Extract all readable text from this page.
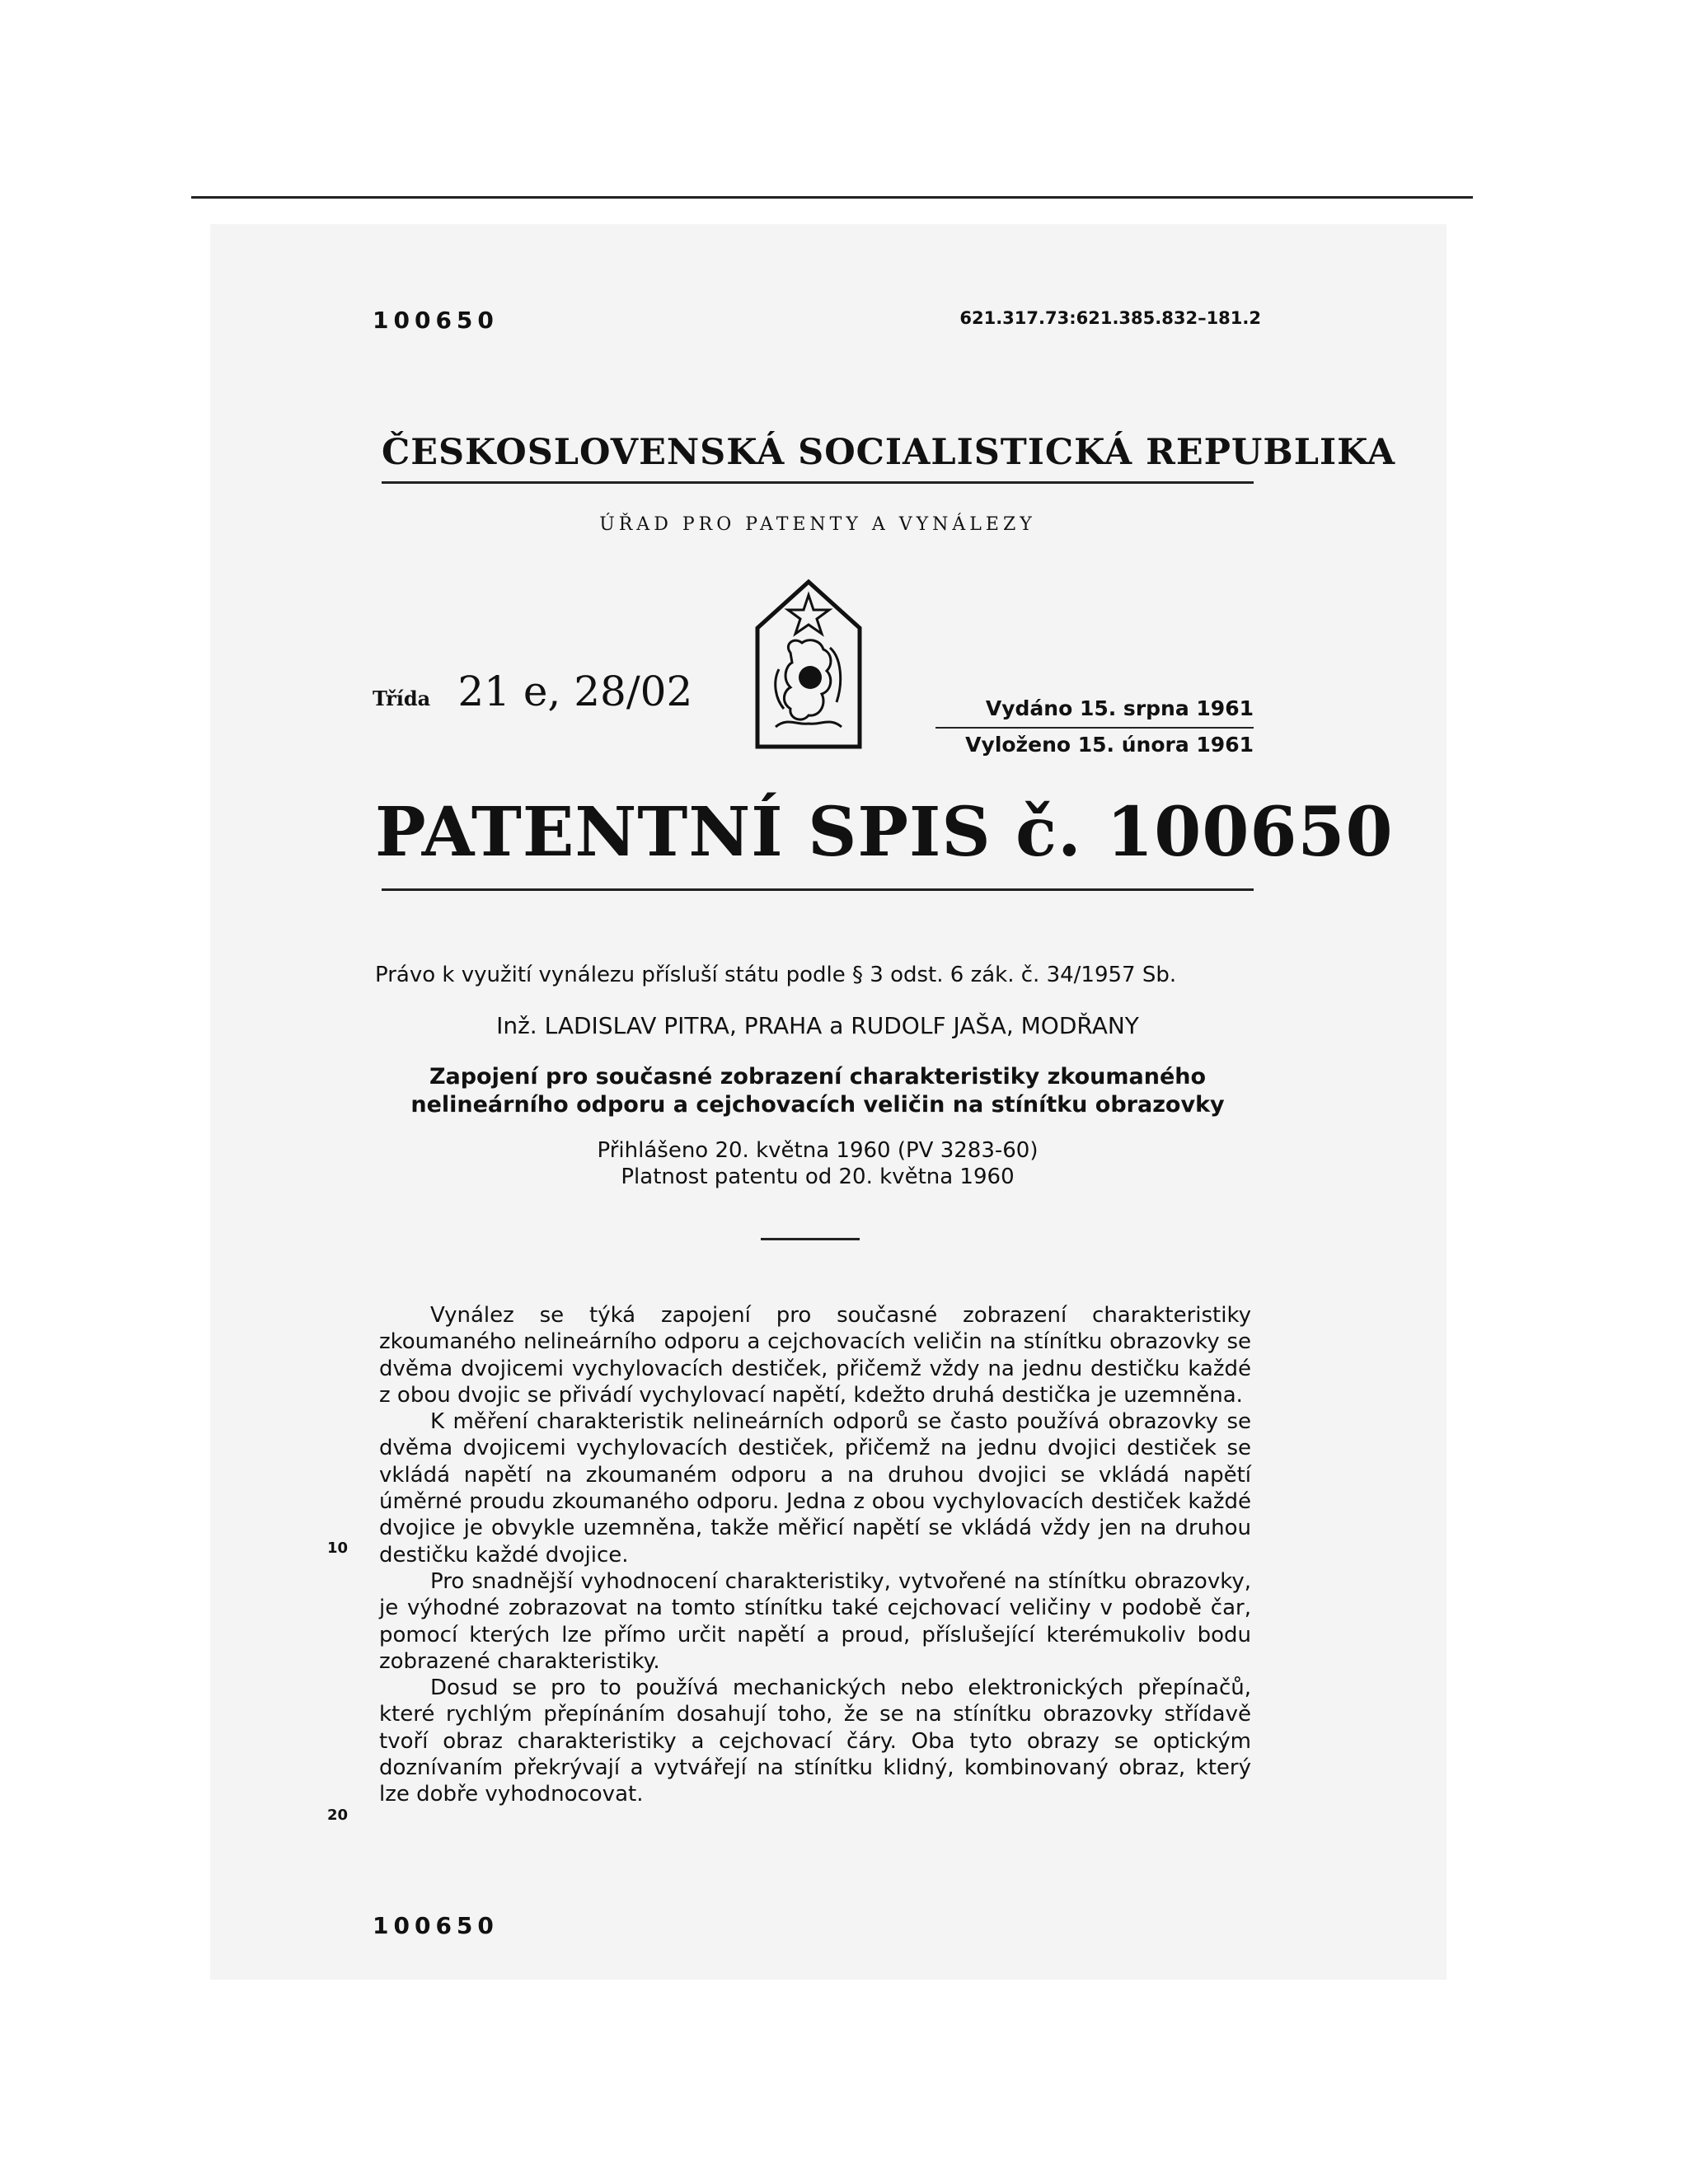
100650	621.317.73:621.385.832–181.2
ČESKOSLOVENSKÁ SOCIALISTICKÁ REPUBLIKA
ÚŘAD PRO PATENTY A VYNÁLEZY
Třída 21 e, 28/02	Vydáno 15. srpna 1961
Vyloženo 15. února 1961
PATENTNÍ SPIS č. 100650
Právo k využití vynálezu přísluší státu podle § 3 odst. 6 zák. č. 34/1957 Sb.
Inž. LADISLAV PITRA, PRAHA a RUDOLF JAŠA, MODŘANY
Zapojení pro současné zobrazení charakteristiky zkoumaného
nelineárního odporu a cejchovacích veličin na stínítku obrazovky
Přihlášeno 20. května 1960 (PV 3283-60)
Platnost patentu od 20. května 1960

Vynález se týká zapojení pro současné zobrazení charakteristiky zkoumaného nelineárního odporu a cejchovacích veličin na stínítku obrazovky se dvěma dvojicemi vychylovacích destiček, přičemž vždy na jednu destičku každé z obou dvojic se přivádí vychylovací napětí, kdežto druhá destička je uzemněna.

K měření charakteristik nelineárních odporů se často používá obrazovky se dvěma dvojicemi vychylovacích destiček, přičemž na jednu dvojici destiček se vkládá napětí na zkoumaném odporu a na druhou dvojici se vkládá napětí úměrné proudu zkoumaného odporu. Jedna z obou vychylovacích destiček každé dvojice je obvykle uzemněna, takže měřicí napětí se vkládá vždy jen na druhou destičku každé dvojice.

Pro snadnější vyhodnocení charakteristiky, vytvořené na stínítku obrazovky, je výhodné zobrazovat na tomto stínítku také cejchovací veličiny v podobě čar, pomocí kterých lze přímo určit napětí a proud, příslušející kterémukoliv bodu zobrazené charakteristiky.

Dosud se pro to používá mechanických nebo elektronických přepínačů, které rychlým přepínáním dosahují toho, že se na stínítku obrazovky střídavě tvoří obraz charakteristiky a cejchovací čáry. Oba tyto obrazy se optickým doznívaním překrývají a vytvářejí na stínítku klidný, kombinovaný obraz, který lze dobře vyhodnocovat.

10
20
100650
